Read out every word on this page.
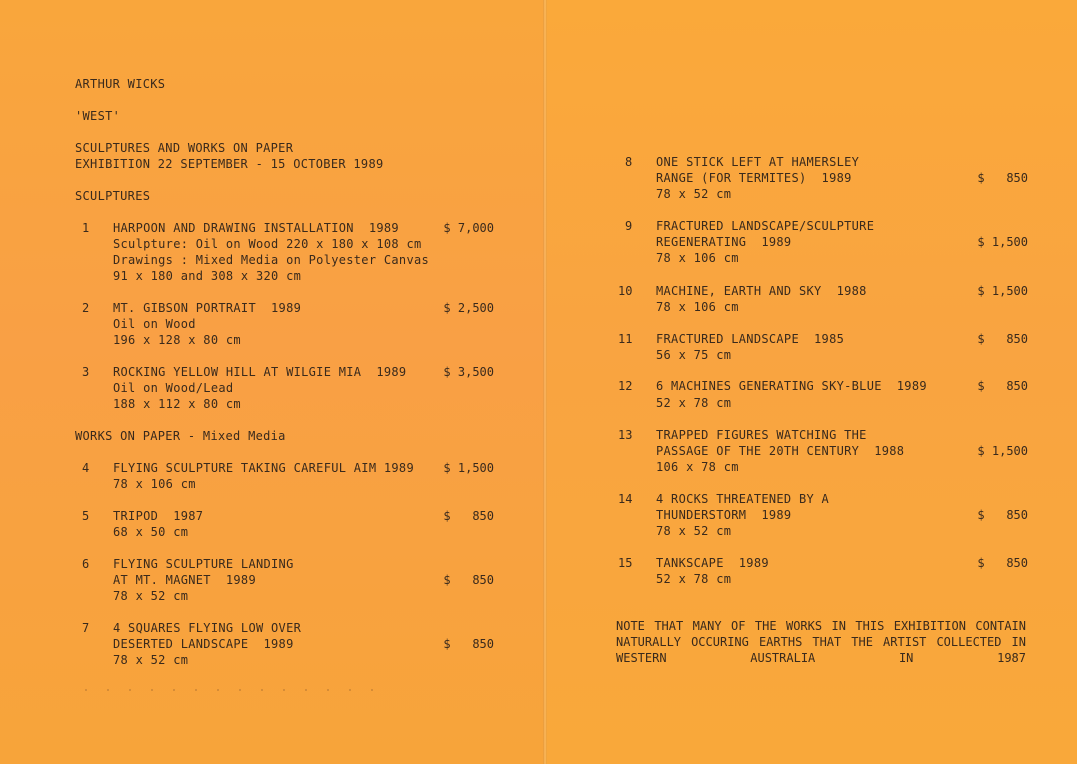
ARTHUR WICKS
'WEST'
SCULPTURES AND WORKS ON PAPER
EXHIBITION 22 SEPTEMBER - 15 OCTOBER 1989
SCULPTURES
WORKS ON PAPER - Mixed Media
1 HARPOON AND DRAWING INSTALLATION  1989
Sculpture: Oil on Wood 220 x 180 x 108 cm
Drawings : Mixed Media on Polyester Canvas
91 x 180 and 308 x 320 cm
$ 7,000
2 MT. GIBSON PORTRAIT  1989
Oil on Wood
196 x 128 x 80 cm
$ 2,500
3 ROCKING YELLOW HILL AT WILGIE MIA  1989
Oil on Wood/Lead
188 x 112 x 80 cm
$ 3,500
4 FLYING SCULPTURE TAKING CAREFUL AIM 1989
78 x 106 cm
$ 1,500
5 TRIPOD  1987
68 x 50 cm
$   850
6 FLYING SCULPTURE LANDING
AT MT. MAGNET  1989
78 x 52 cm
$   850
7 4 SQUARES FLYING LOW OVER
DESERTED LANDSCAPE  1989
78 x 52 cm
$   850
8 ONE STICK LEFT AT HAMERSLEY
RANGE (FOR TERMITES)  1989
78 x 52 cm
$   850
9 FRACTURED LANDSCAPE/SCULPTURE
REGENERATING  1989
78 x 106 cm
$ 1,500
10 MACHINE, EARTH AND SKY  1988
78 x 106 cm
$ 1,500
11 FRACTURED LANDSCAPE  1985
56 x 75 cm
$   850
12 6 MACHINES GENERATING SKY-BLUE  1989
52 x 78 cm
$   850
13 TRAPPED FIGURES WATCHING THE
PASSAGE OF THE 20TH CENTURY  1988
106 x 78 cm
$ 1,500
14 4 ROCKS THREATENED BY A
THUNDERSTORM  1989
78 x 52 cm
$   850
15 TANKSCAPE  1989
52 x 78 cm
$   850
NOTE THAT MANY OF THE WORKS IN THIS EXHIBITION CONTAIN NATURALLY OCCURING EARTHS THAT THE ARTIST COLLECTED IN WESTERN AUSTRALIA IN 1987
